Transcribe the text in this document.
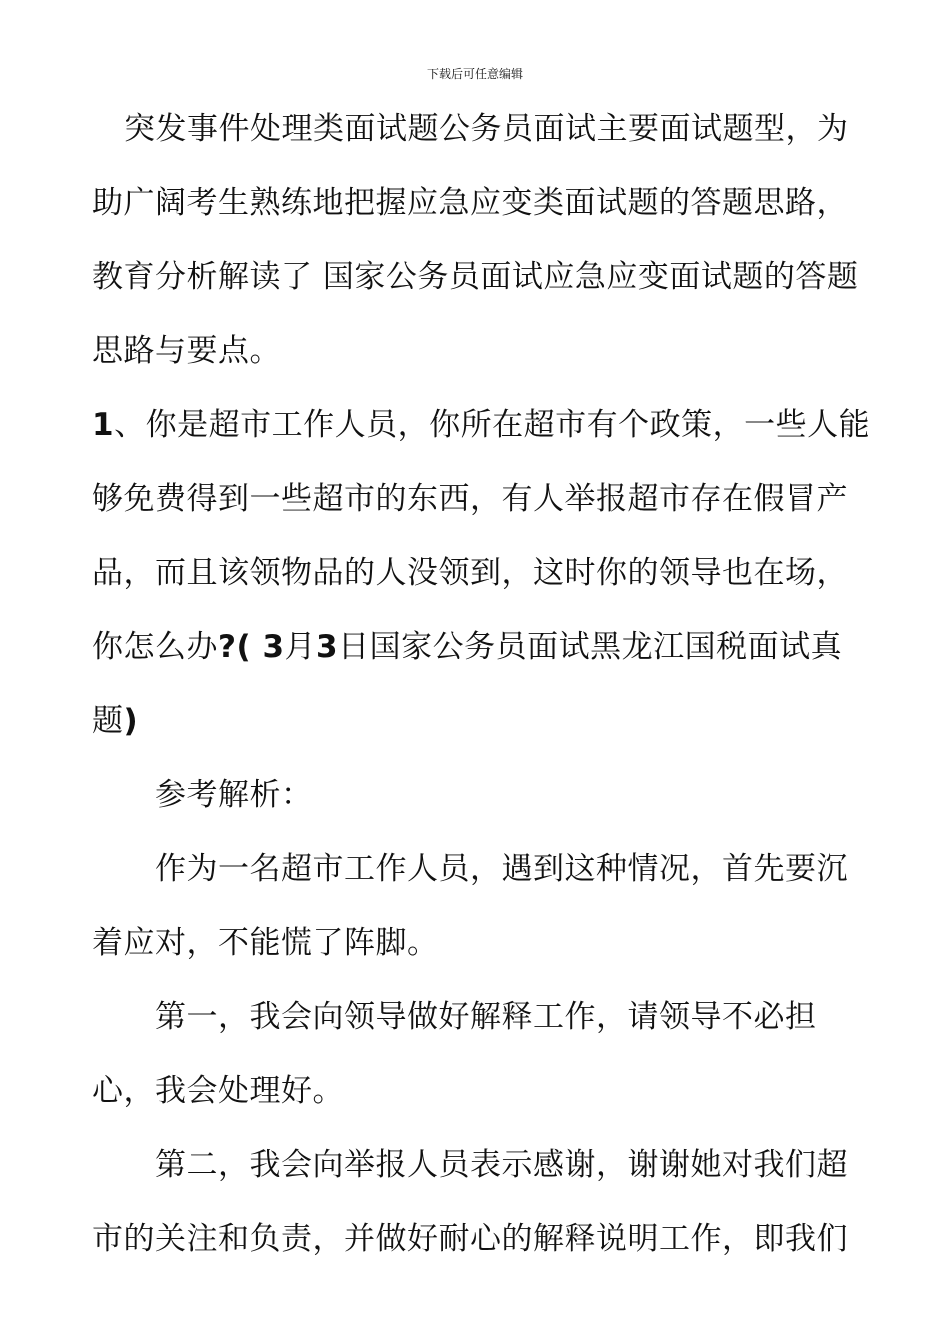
下载后可任意编辑

突发事件处理类面试题公务员面试主要面试题型，为助广阔考生熟练地把握应急应变类面试题的答题思路，教育分析解读了 国家公务员面试应急应变面试题的答题思路与要点。

1、你是超市工作人员，你所在超市有个政策，一些人能够免费得到一些超市的东西，有人举报超市存在假冒产品，而且该领物品的人没领到，这时你的领导也在场，你怎么办?( 3月3日国家公务员面试黑龙江国税面试真题)

参考解析：

作为一名超市工作人员，遇到这种情况，首先要沉着应对，不能慌了阵脚。

第一，我会向领导做好解释工作，请领导不必担心，我会处理好。

第二，我会向举报人员表示感谢，谢谢她对我们超市的关注和负责，并做好耐心的解释说明工作，即我们
